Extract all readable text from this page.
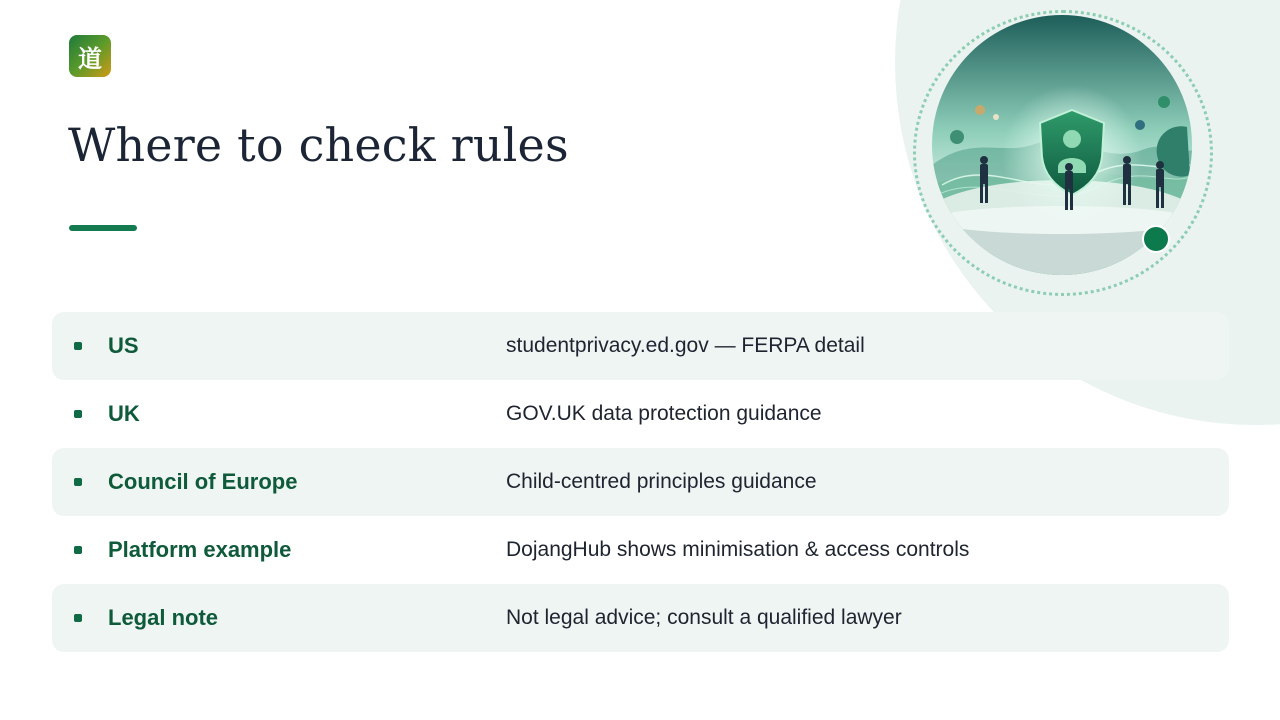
道
Where to check rules
US	studentprivacy.ed.gov — FERPA detail
UK	GOV.UK data protection guidance
Council of Europe	Child-centred principles guidance
Platform example	DojangHub shows minimisation & access controls
Legal note	Not legal advice; consult a qualified lawyer
